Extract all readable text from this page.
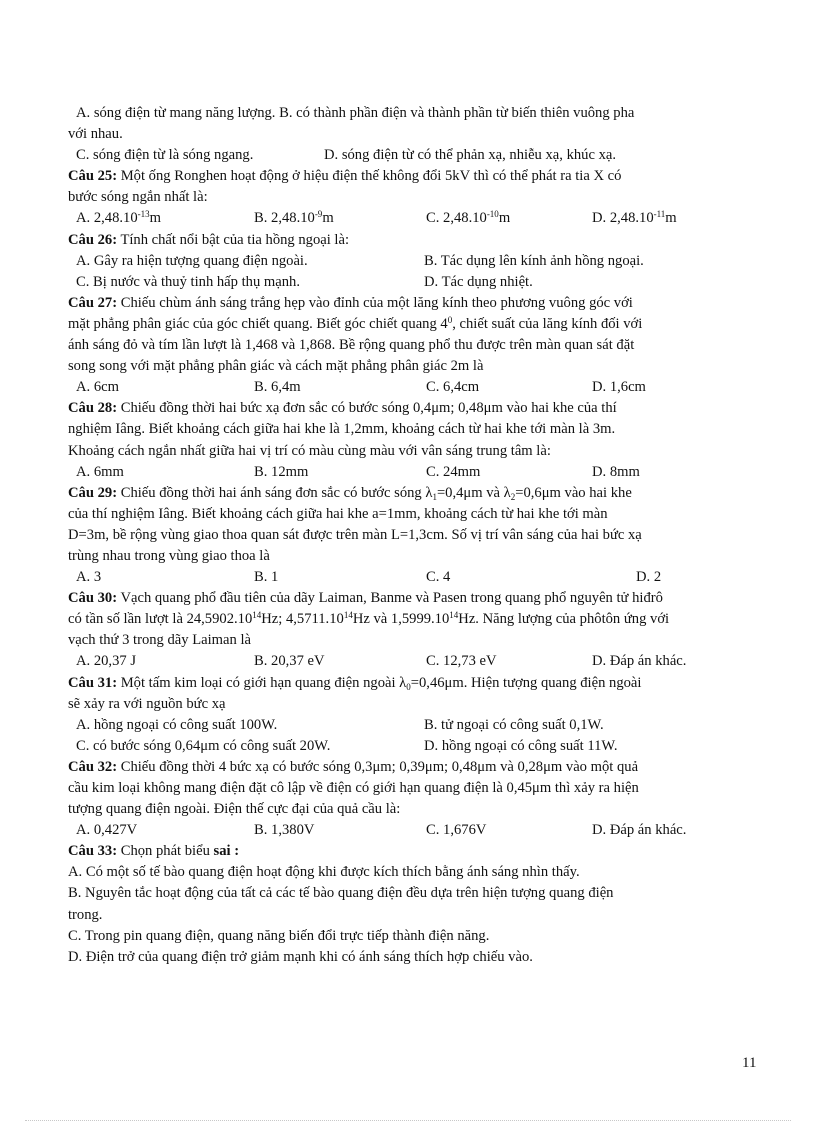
A. sóng điện từ mang năng lượng. B. có thành phần điện và thành phần từ biến thiên vuông pha
với nhau.
C. sóng điện từ là sóng ngang.	D. sóng điện từ có thể phản xạ, nhiễu xạ, khúc xạ.
Câu 25: Một ống Ronghen hoạt động ở hiệu điện thế không đổi 5kV thì có thể phát ra tia X có
bước sóng ngắn nhất là:
A. $2,48.10^{-13}m$	B. $2,48.10^{-9}m$	C. $2,48.10^{-10}m$	D. $2,48.10^{-11}m$
Câu 26: Tính chất nổi bật của tia hồng ngoại là:
A. Gây ra hiện tượng quang điện ngoài.	B. Tác dụng lên kính ảnh hồng ngoại.
C. Bị nước và thuỷ tinh hấp thụ mạnh.	D. Tác dụng nhiệt.
Câu 27: Chiếu chùm ánh sáng trắng hẹp vào đỉnh của một lăng kính theo phương vuông góc với
mặt phẳng phân giác của góc chiết quang. Biết góc chiết quang $4^0$, chiết suất của lăng kính đối với
ánh sáng đỏ và tím lần lượt là 1,468 và 1,868. Bề rộng quang phổ thu được trên màn quan sát đặt
song song với mặt phẳng phân giác và cách mặt phẳng phân giác 2m là
A. 6cm	B. 6,4m	C. 6,4cm	D. 1,6cm
Câu 28: Chiếu đồng thời hai bức xạ đơn sắc có bước sóng 0,4μm; 0,48μm vào hai khe của thí
nghiệm Iâng. Biết khoảng cách giữa hai khe là 1,2mm, khoảng cách từ hai khe tới màn là 3m.
Khoảng cách ngắn nhất giữa hai vị trí có màu cùng màu với vân sáng trung tâm là:
A. 6mm	B. 12mm	C. 24mm	D. 8mm
Câu 29: Chiếu đồng thời hai ánh sáng đơn sắc có bước sóng $\lambda_1=0,4\mu m$ và $\lambda_2=0,6\mu m$ vào hai khe
của thí nghiệm Iâng. Biết khoảng cách giữa hai khe a=1mm, khoảng cách từ hai khe tới màn
D=3m, bề rộng vùng giao thoa quan sát được trên màn L=1,3cm. Số vị trí vân sáng của hai bức xạ
trùng nhau trong vùng giao thoa là
A. 3	B. 1	C. 4	D. 2
Câu 30: Vạch quang phổ đầu tiên của dãy Laiman, Banme và Pasen trong quang phổ nguyên tử hiđrô
có tần số lần lượt là 24,5902.10$^{14}$Hz; 4,5711.10$^{14}$Hz và 1,5999.10$^{14}$Hz. Năng lượng của phôtôn ứng với
vạch thứ 3 trong dãy Laiman là
A. 20,37 J	B. 20,37 eV	C. 12,73 eV	D. Đáp án khác.
Câu 31: Một tấm kim loại có giới hạn quang điện ngoài $\lambda_0=0,46\mu m$. Hiện tượng quang điện ngoài
sẽ xảy ra với nguồn bức xạ
A. hồng ngoại có công suất 100W.	B. tử ngoại có công suất 0,1W.
C. có bước sóng 0,64μm có công suất 20W.	D. hồng ngoại có công suất 11W.
Câu 32: Chiếu đồng thời 4 bức xạ có bước sóng 0,3μm; 0,39μm; 0,48μm và 0,28μm vào một quả
cầu kim loại không mang điện đặt cô lập về điện có giới hạn quang điện là 0,45μm thì xảy ra hiện
tượng quang điện ngoài. Điện thế cực đại của quả cầu là:
A. 0,427V	B. 1,380V	C. 1,676V	D. Đáp án khác.
Câu 33: Chọn phát biểu sai :
A. Có một số tế bào quang điện hoạt động khi được kích thích bằng ánh sáng nhìn thấy.
B. Nguyên tắc hoạt động của tất cả các tế bào quang điện đều dựa trên hiện tượng quang điện
trong.
C. Trong pin quang điện, quang năng biến đổi trực tiếp thành điện năng.
D. Điện trở của quang điện trở giảm mạnh khi có ánh sáng thích hợp chiếu vào.
11
